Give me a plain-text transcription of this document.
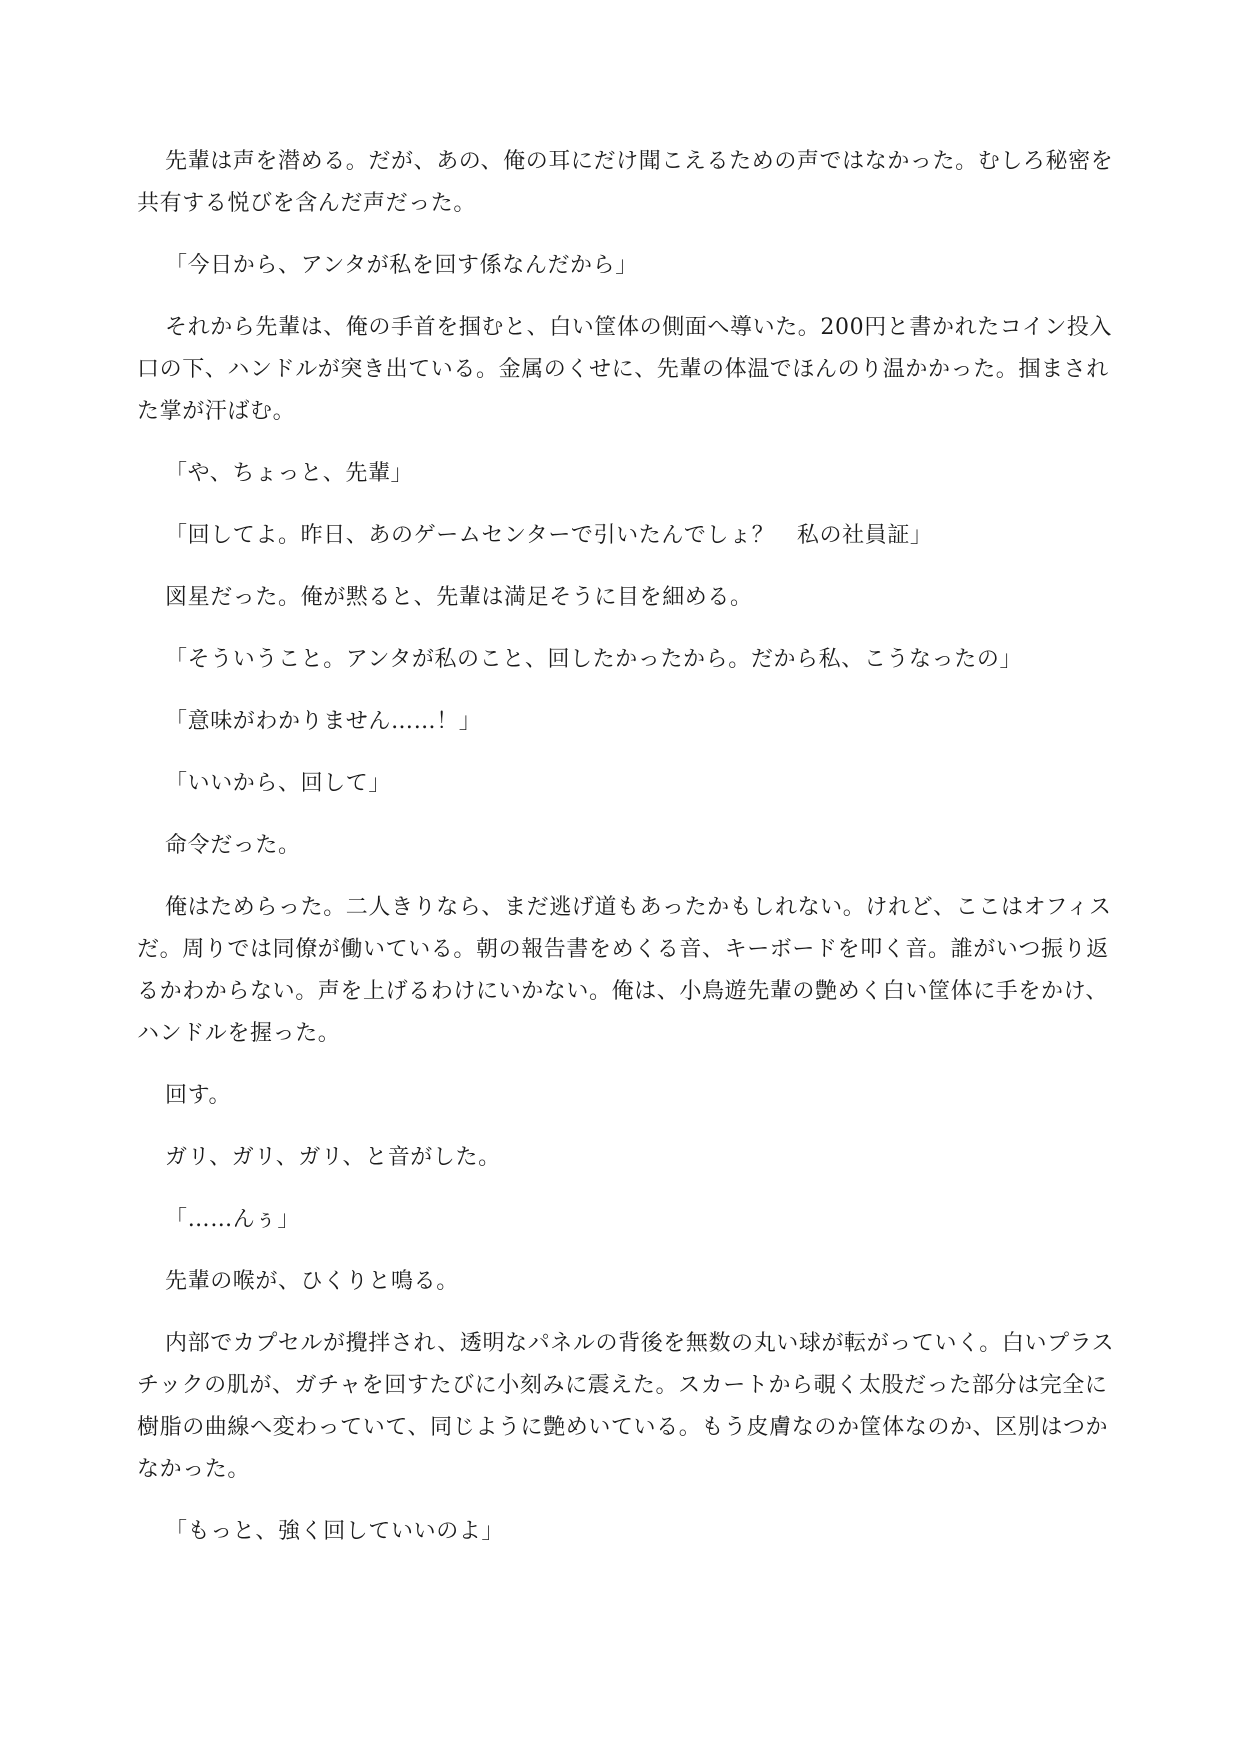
先輩は声を潜める。だが、あの、俺の耳にだけ聞こえるための声ではなかった。むしろ秘密を共有する悦びを含んだ声だった。

「今日から、アンタが私を回す係なんだから」

それから先輩は、俺の手首を掴むと、白い筐体の側面へ導いた。200円と書かれたコイン投入口の下、ハンドルが突き出ている。金属のくせに、先輩の体温でほんのり温かかった。掴まされた掌が汗ばむ。

「や、ちょっと、先輩」

「回してよ。昨日、あのゲームセンターで引いたんでしょ？　私の社員証」

図星だった。俺が黙ると、先輩は満足そうに目を細める。

「そういうこと。アンタが私のこと、回したかったから。だから私、こうなったの」

「意味がわかりません……！」

「いいから、回して」

命令だった。

俺はためらった。二人きりなら、まだ逃げ道もあったかもしれない。けれど、ここはオフィスだ。周りでは同僚が働いている。朝の報告書をめくる音、キーボードを叩く音。誰がいつ振り返るかわからない。声を上げるわけにいかない。俺は、小鳥遊先輩の艶めく白い筐体に手をかけ、ハンドルを握った。

回す。

ガリ、ガリ、ガリ、と音がした。

「……んぅ」

先輩の喉が、ひくりと鳴る。

内部でカプセルが攪拌され、透明なパネルの背後を無数の丸い球が転がっていく。白いプラスチックの肌が、ガチャを回すたびに小刻みに震えた。スカートから覗く太股だった部分は完全に樹脂の曲線へ変わっていて、同じように艶めいている。もう皮膚なのか筐体なのか、区別はつかなかった。

「もっと、強く回していいのよ」
